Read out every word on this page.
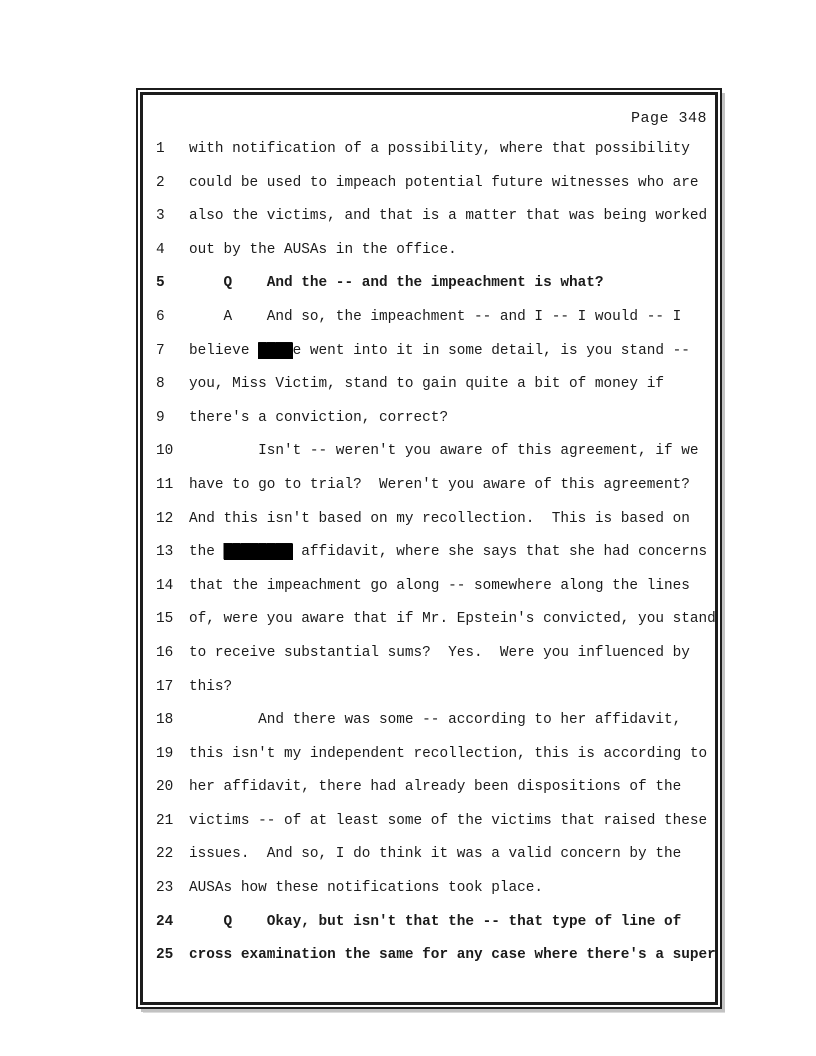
Page 348
1 with notification of a possibility, where that possibility
2 could be used to impeach potential future witnesses who are
3 also the victims, and that is a matter that was being worked
4 out by the AUSAs in the office.
5    Q    And the -- and the impeachment is what?
6    A    And so, the impeachment -- and I -- I would -- I
7 believe ████e went into it in some detail, is you stand --
8 you, Miss Victim, stand to gain quite a bit of money if
9 there's a conviction, correct?
10        Isn't -- weren't you aware of this agreement, if we
11 have to go to trial?  Weren't you aware of this agreement?
12 And this isn't based on my recollection.  This is based on
13 the ████████ affidavit, where she says that she had concerns
14 that the impeachment go along -- somewhere along the lines
15 of, were you aware that if Mr. Epstein's convicted, you stand
16 to receive substantial sums?  Yes.  Were you influenced by
17 this?
18        And there was some -- according to her affidavit,
19 this isn't my independent recollection, this is according to
20 her affidavit, there had already been dispositions of the
21 victims -- of at least some of the victims that raised these
22 issues.  And so, I do think it was a valid concern by the
23 AUSAs how these notifications took place.
24    Q    Okay, but isn't that the -- that type of line of
25 cross examination the same for any case where there's a super
